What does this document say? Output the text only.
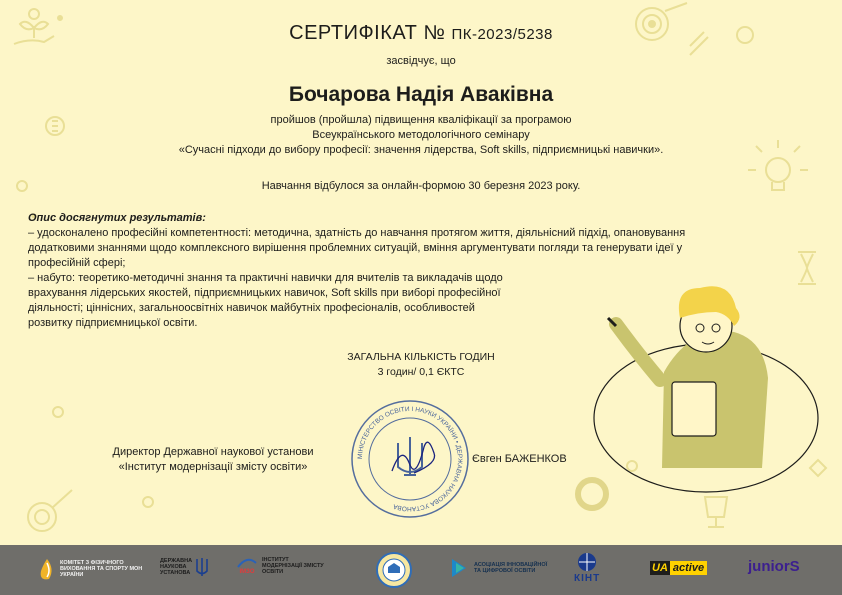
СЕРТИФІКАТ № ПК-2023/5238
засвідчує, що
Бочарова Надія Аваківна
пройшов (пройшла) підвищення кваліфікації за програмою
Всеукраїнського методологічного семінару
«Сучасні підходи до вибору професії: значення лідерства, Soft skills, підприємницькі навички».
Навчання відбулося за онлайн-формою 30 березня 2023 року.
Опис досягнутих результатів:
– удосконалено професійні компетентності: методична, здатність до навчання протягом життя, діяльнісний підхід, опановування
додатковими знаннями щодо комплексного вирішення проблемних ситуацій, вміння аргументувати погляди та генерувати ідеї у
професійній сфері;
– набуто: теоретико-методичні знання та практичні навички для вчителів та викладачів щодо
врахування лідерських якостей, підприємницьких навичок, Soft skills при виборі професійної
діяльності; ціннісних, загальноосвітніх навичок майбутніх професіоналів, особливостей
розвитку підприємницької освіти.
ЗАГАЛЬНА КІЛЬКІСТЬ ГОДИН
3 годин/ 0,1 ЄКТС
Директор Державної наукової установи
«Інститут модернізації змісту освіти»
МІНІСТЕРСТВО ОСВІТИ І НАУКИ УКРАЇНИ • ДЕРЖАВНА НАУКОВА УСТАНОВА
Євген БАЖЕНКОВ
КОМІТЕТ З ФІЗИЧНОГО ВИХОВАННЯ ТА СПОРТУ МОН УКРАЇНИ
ДЕРЖАВНА
НАУКОВА
УСТАНОВА	ІМЗО
ІНСТИТУТ МОДЕРНІЗАЦІЇ ЗМІСТУ ОСВІТИ
АСОЦІАЦІЯ ІННОВАЦІЙНОЇ ТА ЦИФРОВОЇ ОСВІТИ
КІНТ
UA active	juniorS
